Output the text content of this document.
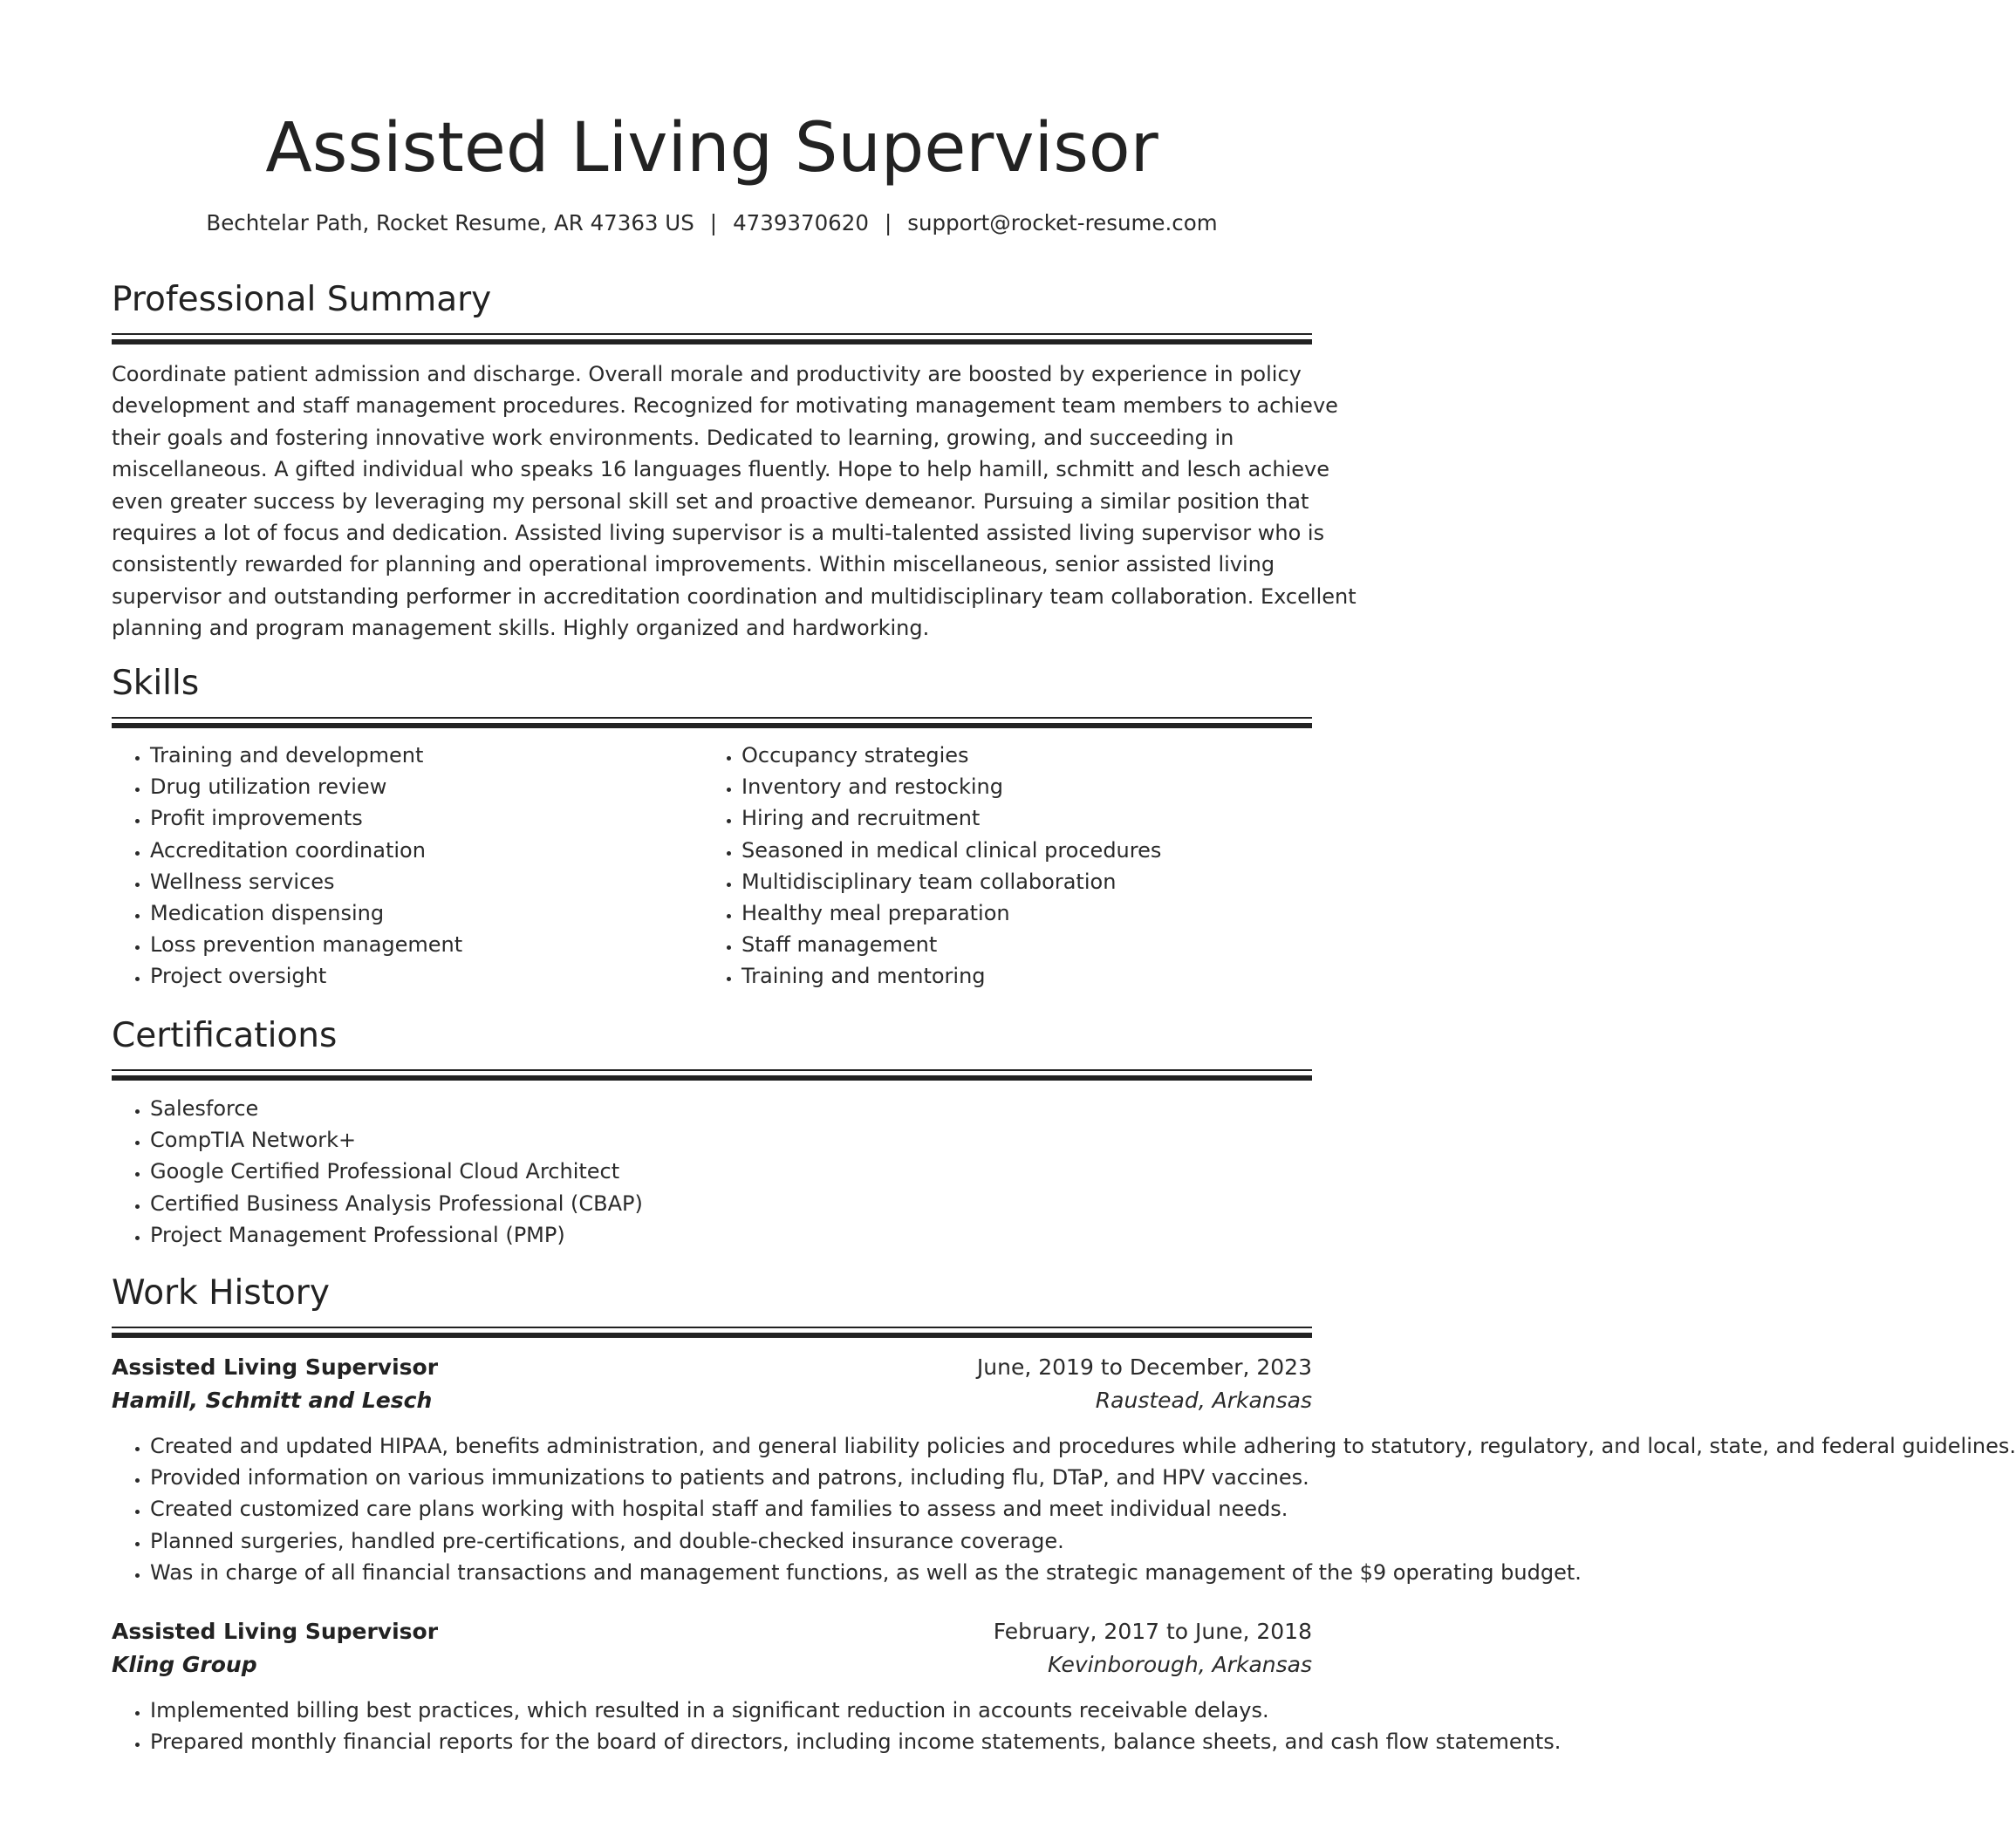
Assisted Living Supervisor

Bechtelar Path, Rocket Resume, AR 47363 US | 4739370620 | support@rocket-resume.com

Professional Summary
Coordinate patient admission and discharge. Overall morale and productivity are boosted by experience in policy
development and staff management procedures. Recognized for motivating management team members to achieve
their goals and fostering innovative work environments. Dedicated to learning, growing, and succeeding in
miscellaneous. A gifted individual who speaks 16 languages fluently. Hope to help hamill, schmitt and lesch achieve
even greater success by leveraging my personal skill set and proactive demeanor. Pursuing a similar position that
requires a lot of focus and dedication. Assisted living supervisor is a multi-talented assisted living supervisor who is
consistently rewarded for planning and operational improvements. Within miscellaneous, senior assisted living
supervisor and outstanding performer in accreditation coordination and multidisciplinary team collaboration. Excellent
planning and program management skills. Highly organized and hardworking.
Skills
• Training and development
• Drug utilization review
• Profit improvements
• Accreditation coordination
• Wellness services
• Medication dispensing
• Loss prevention management
• Project oversight
• Occupancy strategies
• Inventory and restocking
• Hiring and recruitment
• Seasoned in medical clinical procedures
• Multidisciplinary team collaboration
• Healthy meal preparation
• Staff management
• Training and mentoring
Certifications
• Salesforce
• CompTIA Network+
• Google Certified Professional Cloud Architect
• Certified Business Analysis Professional (CBAP)
• Project Management Professional (PMP)
Work History
Assisted Living Supervisor	June, 2019 to December, 2023
Hamill, Schmitt and Lesch	Raustead, Arkansas
• Created and updated HIPAA, benefits administration, and general liability policies and procedures while adhering to statutory, regulatory, and local, state, and federal guidelines.
• Provided information on various immunizations to patients and patrons, including flu, DTaP, and HPV vaccines.
• Created customized care plans working with hospital staff and families to assess and meet individual needs.
• Planned surgeries, handled pre-certifications, and double-checked insurance coverage.
• Was in charge of all financial transactions and management functions, as well as the strategic management of the $9 operating budget.
Assisted Living Supervisor	February, 2017 to June, 2018
Kling Group	Kevinborough, Arkansas
• Implemented billing best practices, which resulted in a significant reduction in accounts receivable delays.
• Prepared monthly financial reports for the board of directors, including income statements, balance sheets, and cash flow statements.
